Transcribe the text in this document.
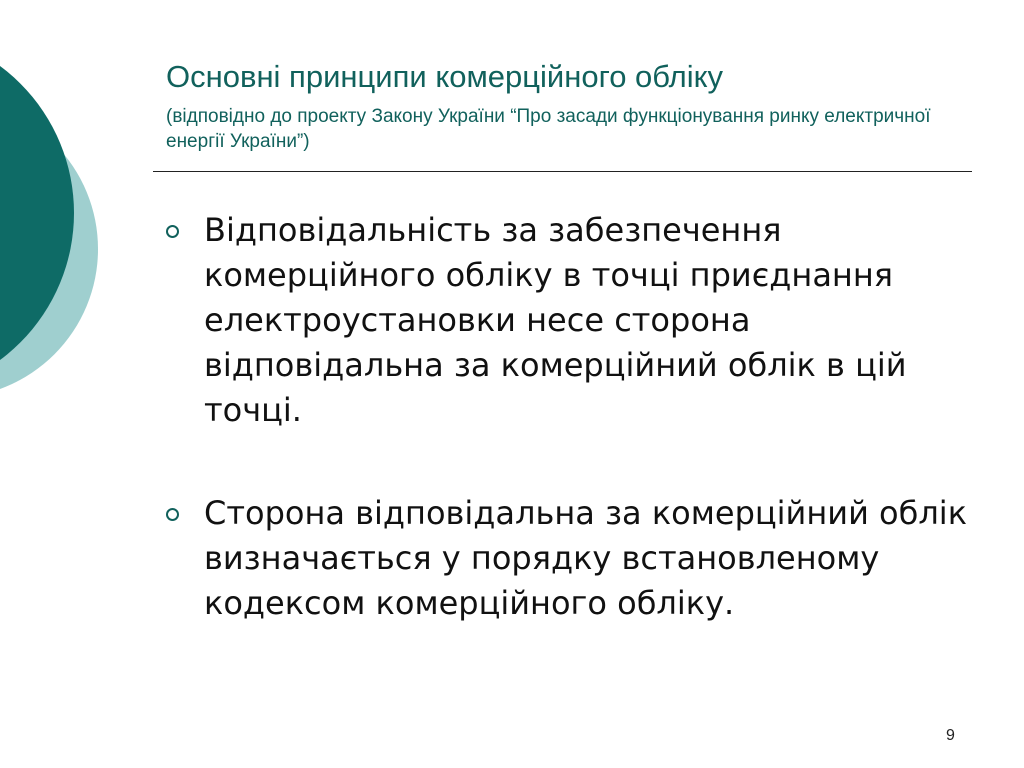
Основні принципи комерційного обліку

(відповідно до проекту Закону України “Про засади функціонування ринку електричної енергії України”)

Відповідальність за забезпечення комерційного обліку в точці приєднання електроустановки несе сторона відповідальна за комерційний облік в цій точці.
Сторона відповідальна за комерційний облік визначається у порядку встановленому кодексом комерційного обліку.
9
